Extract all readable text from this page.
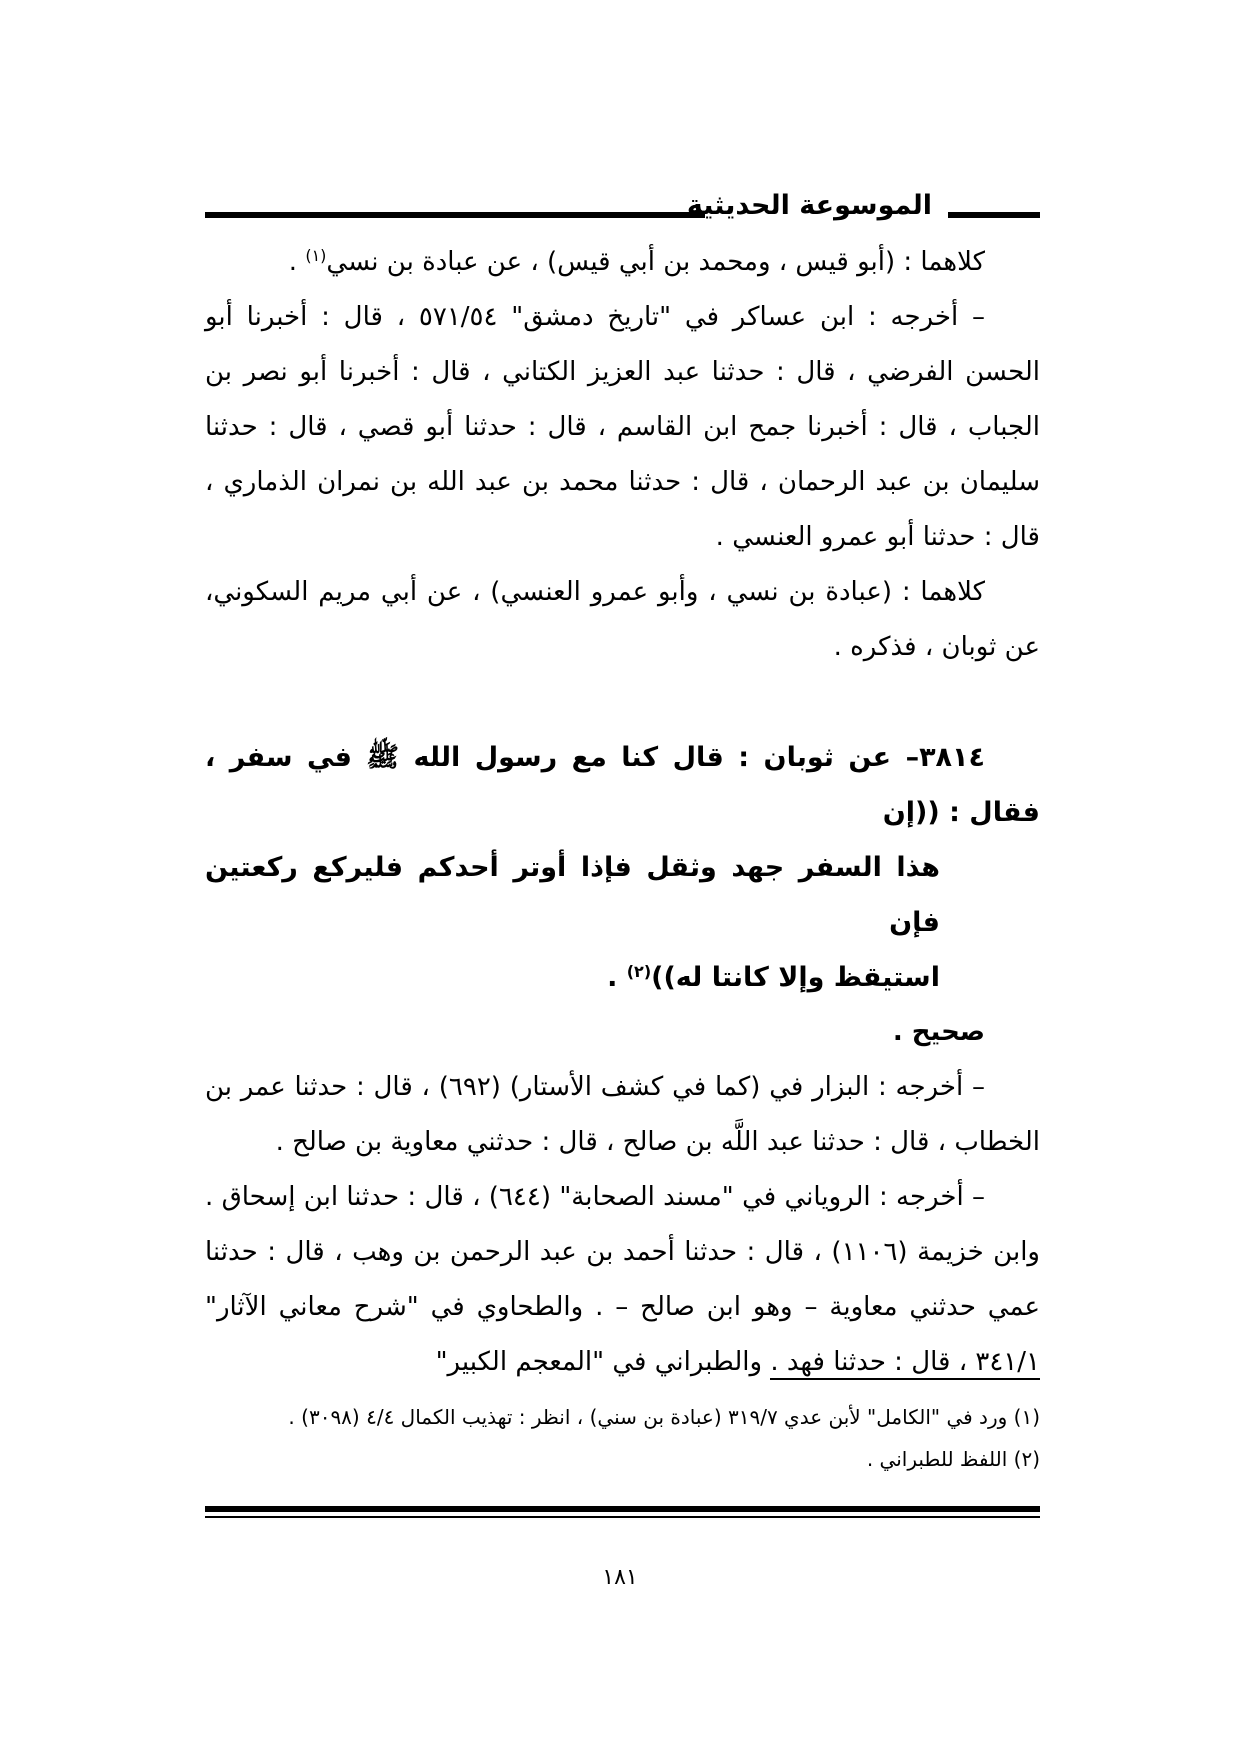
الموسوعة الحديثية

كلاهما : (أبو قيس ، ومحمد بن أبي قيس) ، عن عبادة بن نسي$^{(١)}$ .

– أخرجه : ابن عساكر في "تاريخ دمشق" ٥٧١/٥٤ ، قال : أخبرنا أبو الحسن الفرضي ، قال : حدثنا عبد العزيز الكتاني ، قال : أخبرنا أبو نصر بن الجباب ، قال : أخبرنا جمح ابن القاسم ، قال : حدثنا أبو قصي ، قال : حدثنا سليمان بن عبد الرحمان ، قال : حدثنا محمد بن عبد الله بن نمران الذماري ، قال : حدثنا أبو عمرو العنسي .

كلاهما : (عبادة بن نسي ، وأبو عمرو العنسي) ، عن أبي مريم السكوني، عن ثوبان ، فذكره .

٣٨١٤– عن ثوبان : قال كنا مع رسول الله ﷺ في سفر ، فقال : ((إن
هذا السفر جهد وثقل فإذا أوتر أحدكم فليركع ركعتين فإن
استيقظ وإلا كانتا له))$^{(٢)}$ .

صحيح .

– أخرجه : البزار في (كما في كشف الأستار) (٦٩٢) ، قال : حدثنا عمر بن الخطاب ، قال : حدثنا عبد اللَّه بن صالح ، قال : حدثني معاوية بن صالح .

– أخرجه : الروياني في "مسند الصحابة" (٦٤٤) ، قال : حدثنا ابن إسحاق . وابن خزيمة (١١٠٦) ، قال : حدثنا أحمد بن عبد الرحمن بن وهب ، قال : حدثنا عمي حدثني معاوية – وهو ابن صالح – . والطحاوي في "شرح معاني الآثار" ٣٤١/١ ، قال : حدثنا فهد . والطبراني في "المعجم الكبير"

(١) ورد في "الكامل" لأبن عدي ٣١٩/٧ (عبادة بن سني) ، انظر : تهذيب الكمال ٤/٤ (٣٠٩٨) .

(٢) اللفظ للطبراني .

١٨١
